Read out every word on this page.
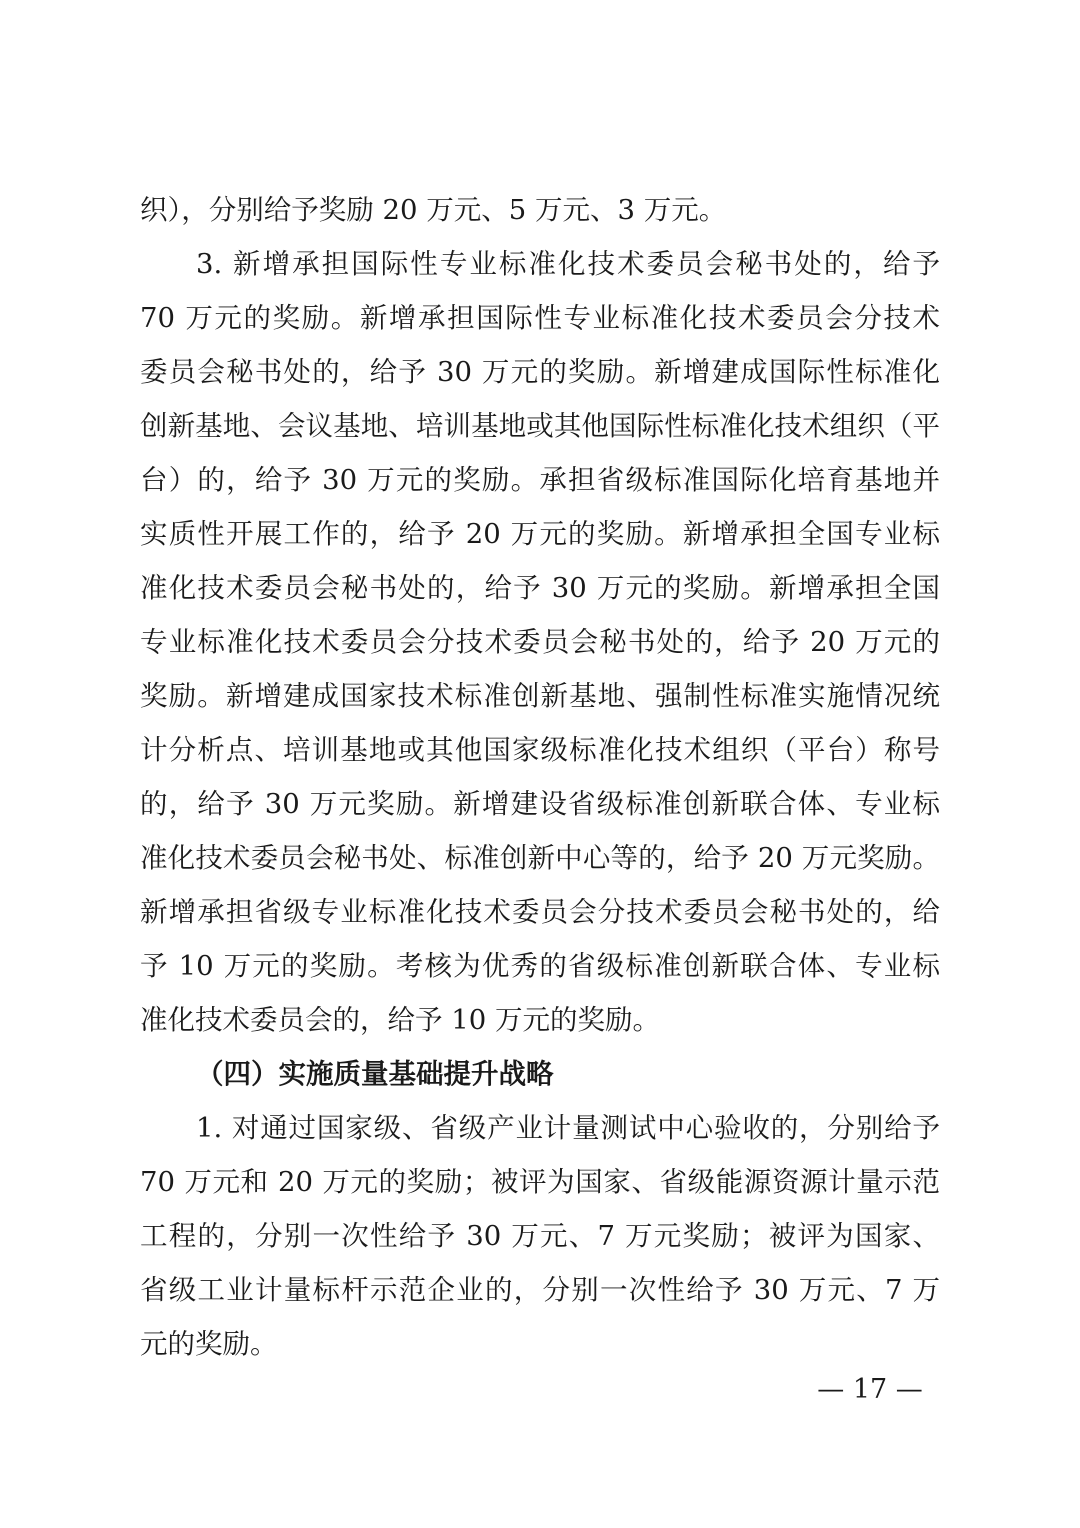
织），分别给予奖励 20 万元、5 万元、3 万元。
3. 新增承担国际性专业标准化技术委员会秘书处的，给予
70 万元的奖励。新增承担国际性专业标准化技术委员会分技术
委员会秘书处的，给予 30 万元的奖励。新增建成国际性标准化
创新基地、会议基地、培训基地或其他国际性标准化技术组织（平
台）的，给予 30 万元的奖励。承担省级标准国际化培育基地并
实质性开展工作的，给予 20 万元的奖励。新增承担全国专业标
准化技术委员会秘书处的，给予 30 万元的奖励。新增承担全国
专业标准化技术委员会分技术委员会秘书处的，给予 20 万元的
奖励。新增建成国家技术标准创新基地、强制性标准实施情况统
计分析点、培训基地或其他国家级标准化技术组织（平台）称号
的，给予 30 万元奖励。新增建设省级标准创新联合体、专业标
准化技术委员会秘书处、标准创新中心等的，给予 20 万元奖励。
新增承担省级专业标准化技术委员会分技术委员会秘书处的，给
予 10 万元的奖励。考核为优秀的省级标准创新联合体、专业标
准化技术委员会的，给予 10 万元的奖励。
（四）实施质量基础提升战略
1. 对通过国家级、省级产业计量测试中心验收的，分别给予
70 万元和 20 万元的奖励；被评为国家、省级能源资源计量示范
工程的，分别一次性给予 30 万元、7 万元奖励；被评为国家、
省级工业计量标杆示范企业的，分别一次性给予 30 万元、7 万
元的奖励。
— 17 —
